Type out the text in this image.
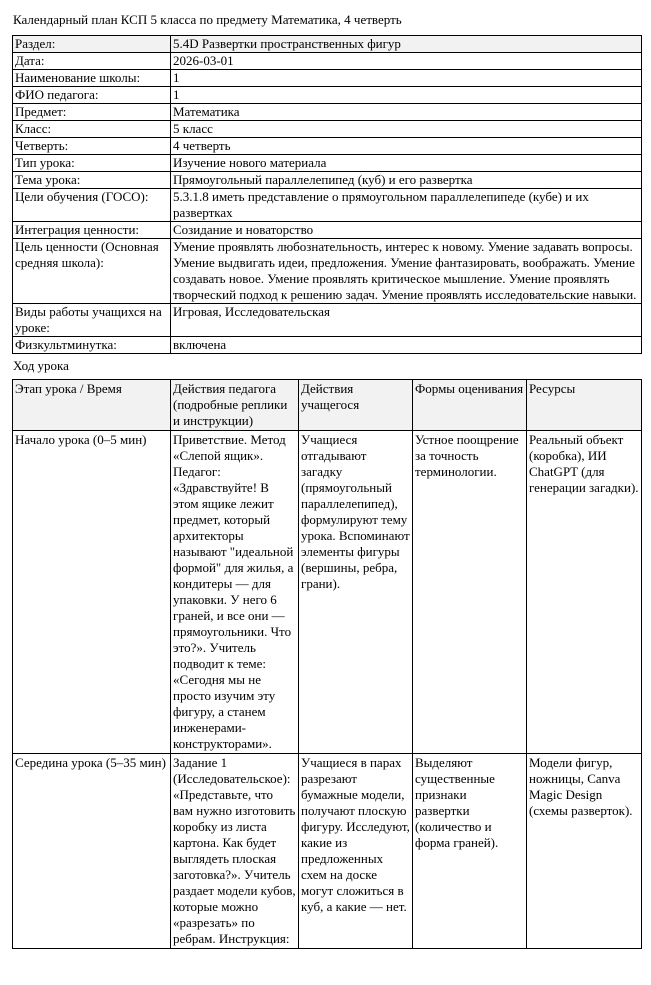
Календарный план КСП 5 класса по предмету Математика, 4 четверть
Раздел:	5.4D Развертки пространственных фигур
Дата:	2026-03-01
Наименование школы:	1
ФИО педагога:	1
Предмет:	Математика
Класс:	5 класс
Четверть:	4 четверть
Тип урока:	Изучение нового материала
Тема урока:	Прямоугольный параллелепипед (куб) и его развертка
Цели обучения (ГОСО):	5.3.1.8 иметь представление о прямоугольном параллелепипеде (кубе) и их развертках
Интеграция ценности:	Созидание и новаторство
Цель ценности (Основная средняя школа):	Умение проявлять любознательность, интерес к новому. Умение задавать вопросы. Умение выдвигать идеи, предложения. Умение фантазировать, воображать. Умение создавать новое. Умение проявлять критическое мышление. Умение проявлять творческий подход к решению задач. Умение проявлять исследовательские навыки.
Виды работы учащихся на уроке:	Игровая, Исследовательская
Физкультминутка:	включена
Ход урока
Этап урока / Время	Действия педагога (подробные реплики и инструкции)	Действия учащегося	Формы оценивания	Ресурсы
Начало урока (0–5 мин)	Приветствие. Метод «Слепой ящик». Педагог: «Здравствуйте! В этом ящике лежит предмет, который архитекторы называют "идеальной формой" для жилья, а кондитеры — для упаковки. У него 6 граней, и все они — прямоугольники. Что это?». Учитель подводит к теме: «Сегодня мы не просто изучим эту фигуру, а станем инженерами-конструкторами».	Учащиеся отгадывают загадку (прямоугольный параллелепипед), формулируют тему урока. Вспоминают элементы фигуры (вершины, ребра, грани).	Устное поощрение за точность терминологии.	Реальный объект (коробка), ИИ ChatGPT (для генерации загадки).
Середина урока (5–35 мин)	Задание 1 (Исследовательское): «Представьте, что вам нужно изготовить коробку из листа картона. Как будет выглядеть плоская заготовка?». Учитель раздает модели кубов, которые можно «разрезать» по ребрам. Инструкция:	Учащиеся в парах разрезают бумажные модели, получают плоскую фигуру. Исследуют, какие из предложенных схем на доске могут сложиться в куб, а какие — нет.	Выделяют существенные признаки развертки (количество и форма граней).	Модели фигур, ножницы, Canva Magic Design (схемы разверток).
